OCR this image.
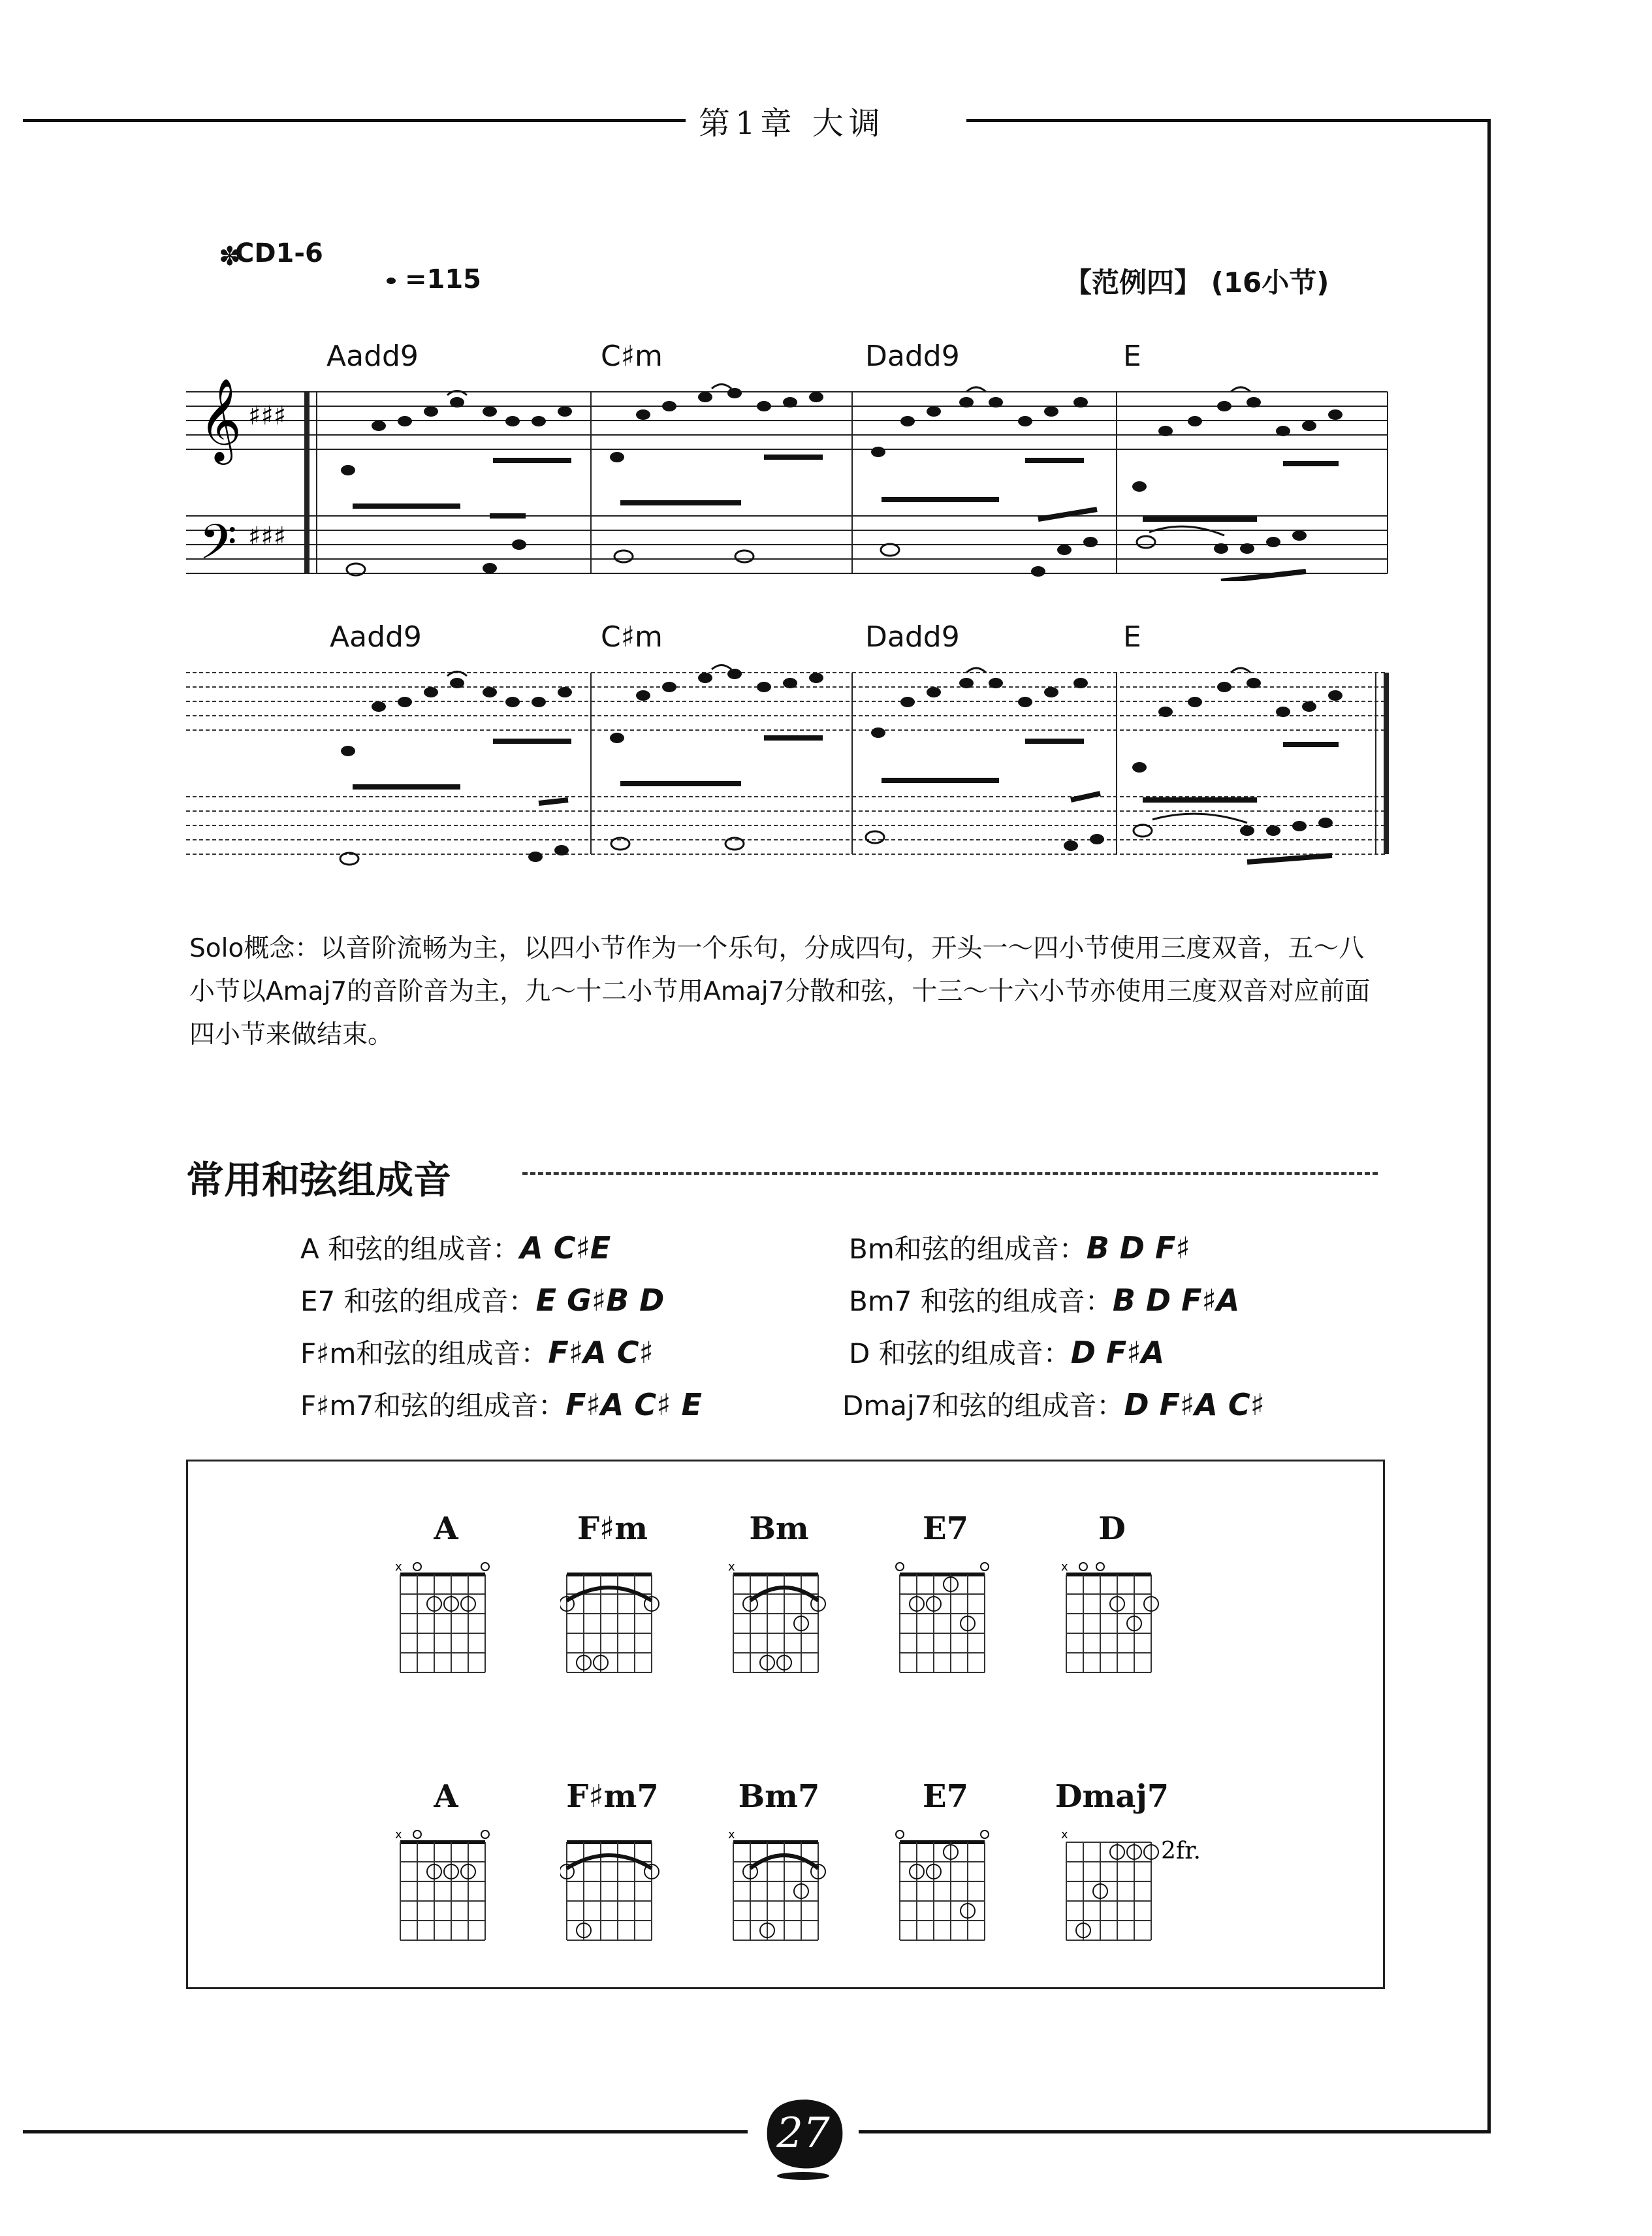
第1章 大调
✽
CD1-6
=115	【范例四】 (16小节)
Aadd9	C♯m	Dadd9	E
𝄞
𝄢
♯♯♯
♯♯♯
Aadd9	C♯m	Dadd9	E
Solo概念：以音阶流畅为主，以四小节作为一个乐句，分成四句，开头一～四小节使用三度双音，五～八小节以Amaj7的音阶音为主，九～十二小节用Amaj7分散和弦，十三～十六小节亦使用三度双音对应前面四小节来做结束。
常用和弦组成音
A 和弦的组成音：A C♯E
E7 和弦的组成音：E G♯B D
F♯m和弦的组成音：F♯A C♯
F♯m7和弦的组成音：F♯A C♯ E
Bm和弦的组成音：B D F♯
Bm7 和弦的组成音：B D F♯A
D 和弦的组成音：D F♯A
Dmaj7和弦的组成音：D F♯A C♯
A
x
F♯m	Bm
x
E7	D
x
A
x
F♯m7	Bm7
x
E7	Dmaj7
x
2fr.
27
